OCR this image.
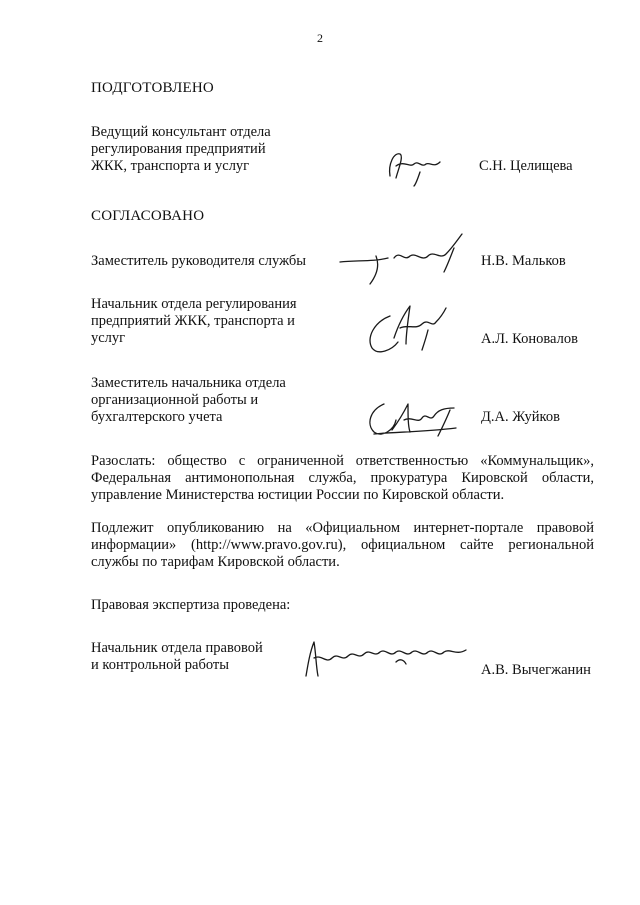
2
ПОДГОТОВЛЕНО
Ведущий консультант отдела
регулирования предприятий
ЖКК, транспорта и услуг	С.Н. Целищева
СОГЛАСОВАНО
Заместитель руководителя службы	Н.В. Мальков
Начальник отдела регулирования
предприятий ЖКК, транспорта и
услуг	А.Л. Коновалов
Заместитель начальника отдела
организационной работы и
бухгалтерского учета	Д.А. Жуйков
Разослать: общество с ограниченной ответственностью «Коммунальщик»,
Федеральная антимонопольная служба, прокуратура Кировской области,
управление Министерства юстиции России по Кировской области.
Подлежит опубликованию на «Официальном интернет-портале правовой
информации» (http://www.pravo.gov.ru), официальном сайте региональной
службы по тарифам Кировской области.
Правовая экспертиза проведена:
Начальник отдела правовой
и контрольной работы	А.В. Вычегжанин
